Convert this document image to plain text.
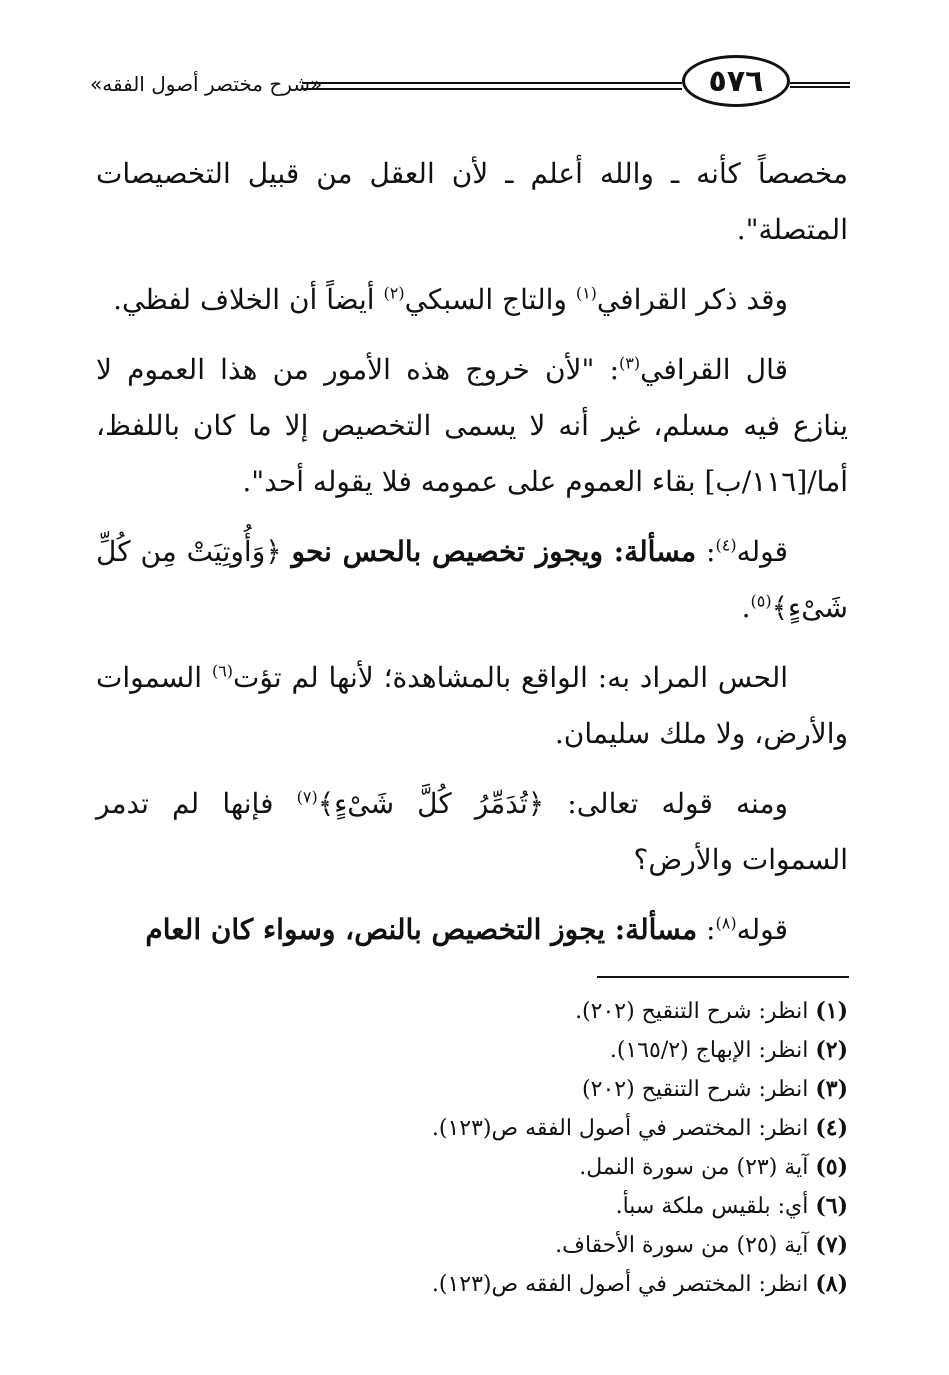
«شرح مختصر أصول الفقه»	٥٧٦

مخصصاً كأنه ـ والله أعلم ـ لأن العقل من قبيل التخصيصات المتصلة".

وقد ذكر القرافي$^{(١)}$ والتاج السبكي$^{(٢)}$ أيضاً أن الخلاف لفظي.

قال القرافي$^{(٣)}$: "لأن خروج هذه الأمور من هذا العموم لا ينازع فيه مسلم، غير أنه لا يسمى التخصيص إلا ما كان باللفظ، أما/[١١٦/ب] بقاء العموم على عمومه فلا يقوله أحد".

قوله$^{(٤)}$: مسألة: ويجوز تخصيص بالحس نحو ﴿وَأُوتِيَتْ مِن كُلِّ شَىْءٍ﴾$^{(٥)}$.

الحس المراد به: الواقع بالمشاهدة؛ لأنها لم تؤت$^{(٦)}$ السموات والأرض، ولا ملك سليمان.

ومنه قوله تعالى: ﴿تُدَمِّرُ كُلَّ شَىْءٍ﴾$^{(٧)}$ فإنها لم تدمر السموات والأرض؟

قوله$^{(٨)}$: مسألة: يجوز التخصيص بالنص، وسواء كان العام

(١) انظر: شرح التنقيح (٢٠٢).

(٢) انظر: الإبهاج (١٦٥/٢).

(٣) انظر: شرح التنقيح (٢٠٢)

(٤) انظر: المختصر في أصول الفقه ص(١٢٣).

(٥) آية (٢٣) من سورة النمل.

(٦) أي: بلقيس ملكة سبأ.

(٧) آية (٢٥) من سورة الأحقاف.

(٨) انظر: المختصر في أصول الفقه ص(١٢٣).
